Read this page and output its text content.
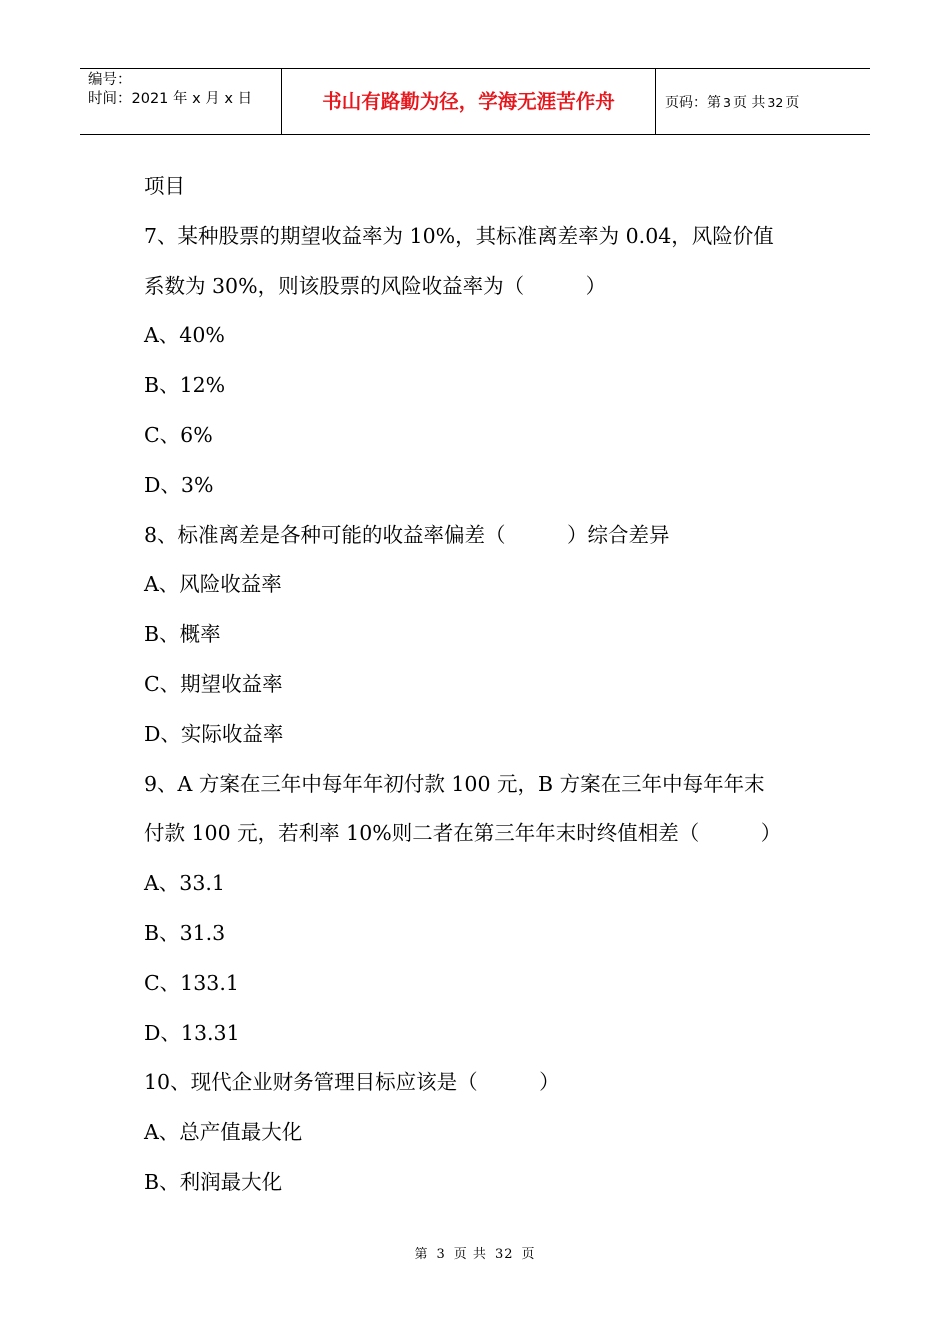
编号：
时间：2021 年 x 月 x 日	书山有路勤为径，学海无涯苦作舟	页码：第 3 页 共 32 页
项目
7、某种股票的期望收益率为 10%，其标准离差率为 0.04，风险价值
系数为 30%，则该股票的风险收益率为（　　　）
A、40%
B、12%
C、6%
D、3%
8、标准离差是各种可能的收益率偏差（　　　）综合差异
A、风险收益率
B、概率
C、期望收益率
D、实际收益率
9、A 方案在三年中每年年初付款 100 元，B 方案在三年中每年年末
付款 100 元，若利率 10%则二者在第三年年末时终值相差（　　　）
A、33.1
B、31.3
C、133.1
D、13.31
10、现代企业财务管理目标应该是（　　　）
A、总产值最大化
B、利润最大化
第 3 页 共 32 页
